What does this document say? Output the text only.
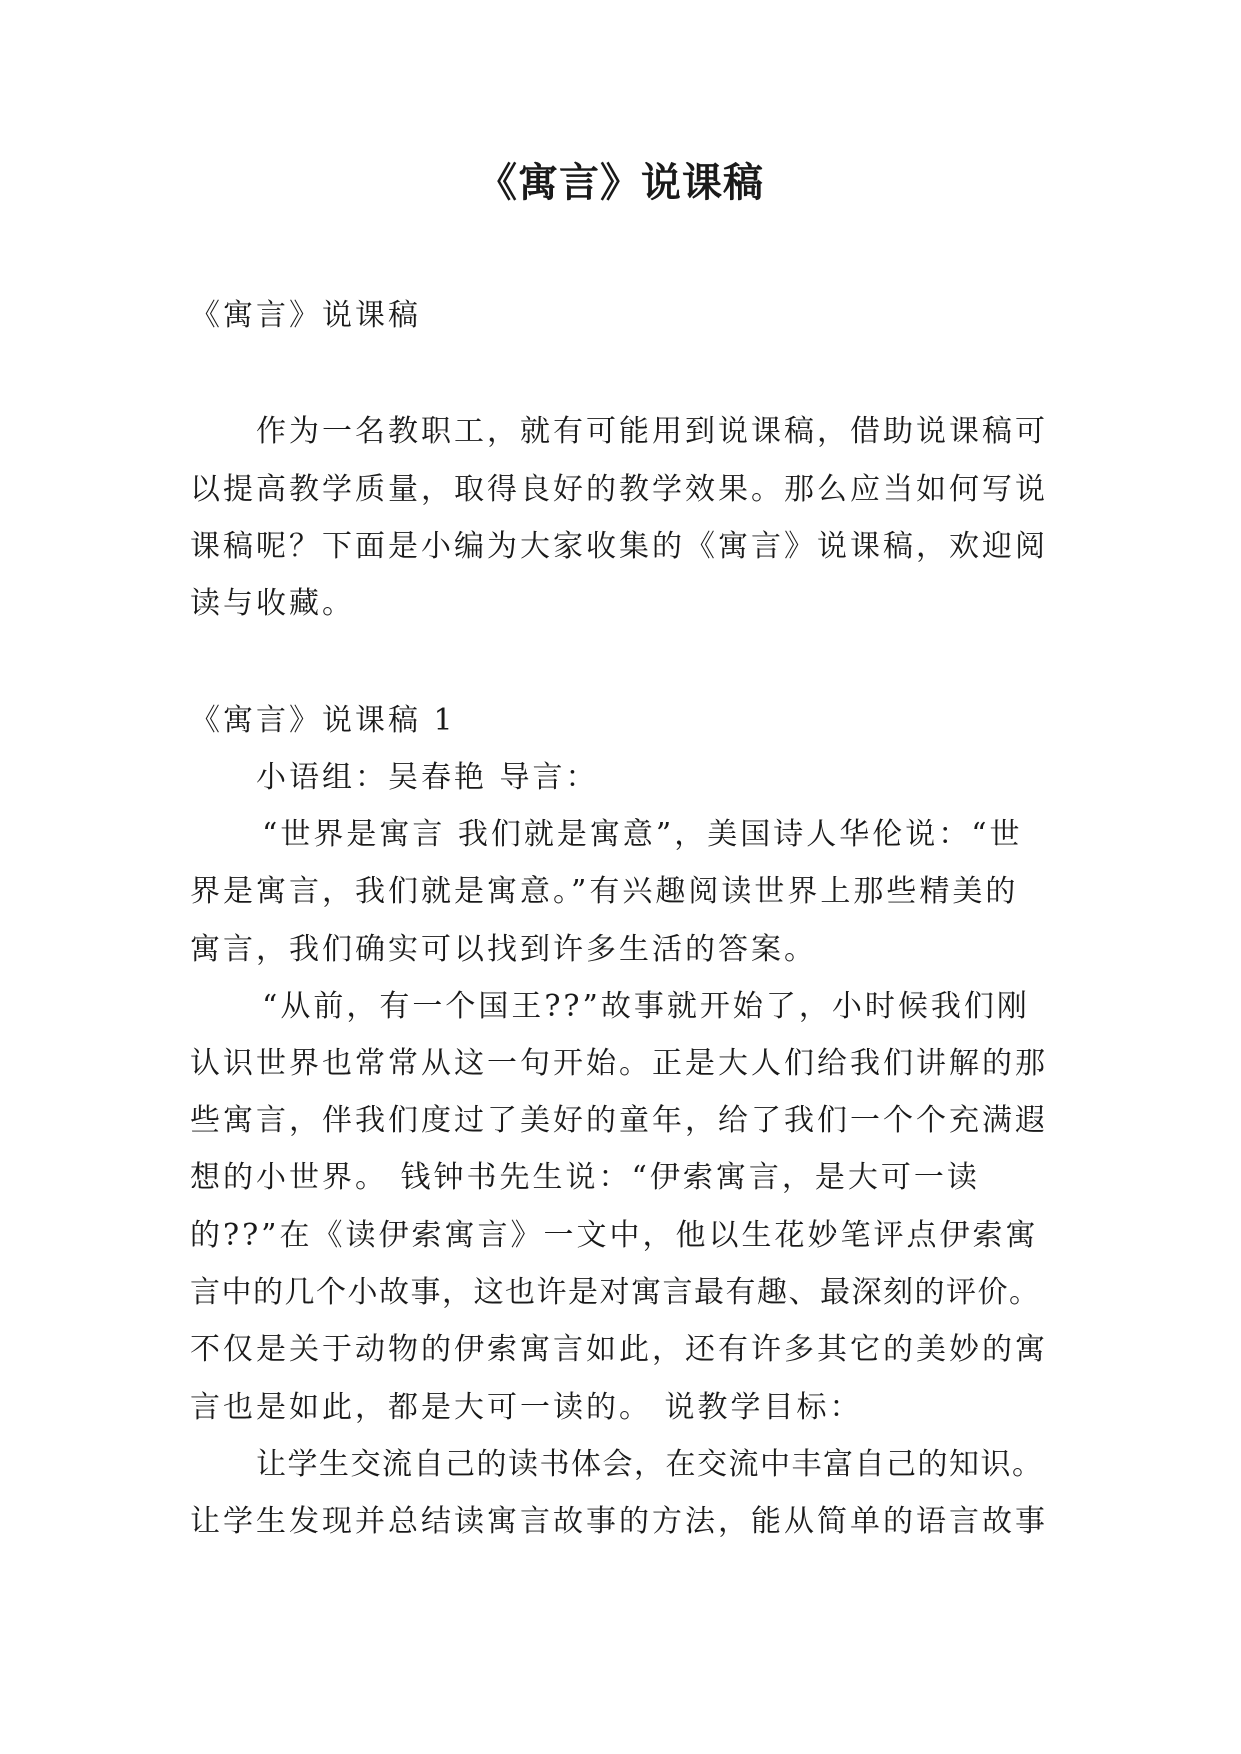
《寓言》说课稿
《寓言》说课稿
作为一名教职工，就有可能用到说课稿，借助说课稿可
以提高教学质量，取得良好的教学效果。那么应当如何写说
课稿呢？下面是小编为大家收集的《寓言》说课稿，欢迎阅
读与收藏。
《寓言》说课稿 1
小语组：吴春艳 导言：
“世界是寓言 我们就是寓意”，美国诗人华伦说：“世
界是寓言，我们就是寓意。”有兴趣阅读世界上那些精美的
寓言，我们确实可以找到许多生活的答案。
“从前，有一个国王??”故事就开始了，小时候我们刚
认识世界也常常从这一句开始。正是大人们给我们讲解的那
些寓言，伴我们度过了美好的童年，给了我们一个个充满遐
想的小世界。 钱钟书先生说：“伊索寓言，是大可一读
的??”在《读伊索寓言》一文中，他以生花妙笔评点伊索寓
言中的几个小故事，这也许是对寓言最有趣、最深刻的评价。
不仅是关于动物的伊索寓言如此，还有许多其它的美妙的寓
言也是如此，都是大可一读的。 说教学目标：
让学生交流自己的读书体会，在交流中丰富自己的知识。
让学生发现并总结读寓言故事的方法，能从简单的语言故事
